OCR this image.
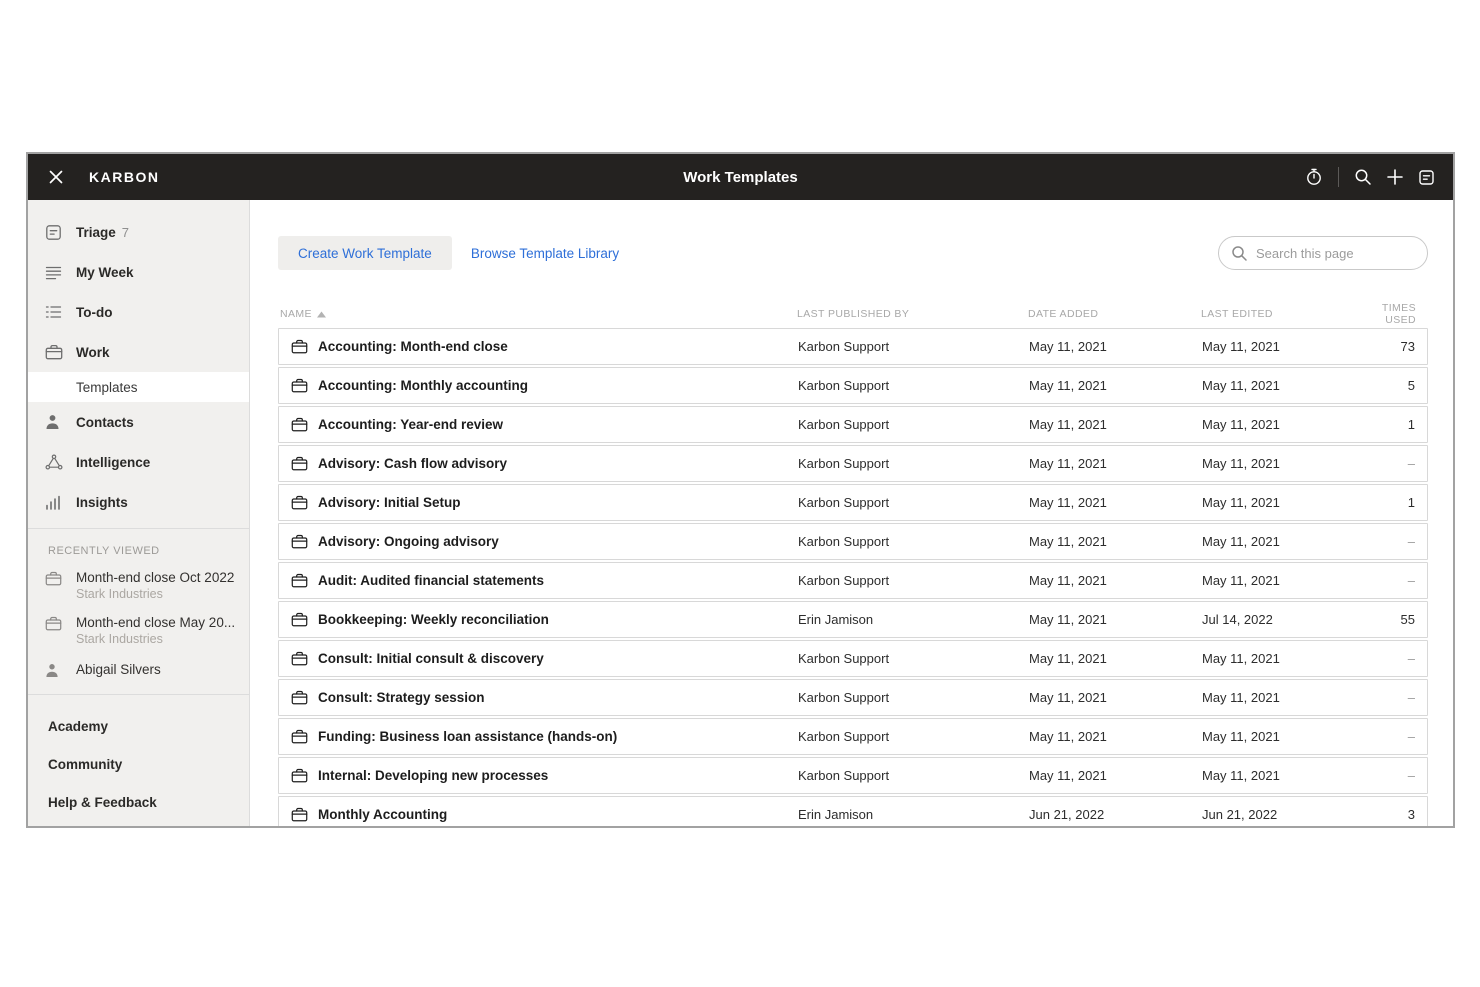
KARBON	Work Templates
Triage 7
My Week
To-do
Work
Templates
Contacts
Intelligence
Insights
RECENTLY VIEWED
Month-end close Oct 2022
Stark Industries
Month-end close May 20...
Stark Industries
Abigail Silvers
Academy
Community
Help & Feedback
Create Work Template	Browse Template Library
Search this page
NAME	LAST PUBLISHED BY	DATE ADDED	LAST EDITED	TIMES USED
Accounting: Month-end close	Karbon Support	May 11, 2021	May 11, 2021	73
Accounting: Monthly accounting	Karbon Support	May 11, 2021	May 11, 2021	5
Accounting: Year-end review	Karbon Support	May 11, 2021	May 11, 2021	1
Advisory: Cash flow advisory	Karbon Support	May 11, 2021	May 11, 2021	–
Advisory: Initial Setup	Karbon Support	May 11, 2021	May 11, 2021	1
Advisory: Ongoing advisory	Karbon Support	May 11, 2021	May 11, 2021	–
Audit: Audited financial statements	Karbon Support	May 11, 2021	May 11, 2021	–
Bookkeeping: Weekly reconciliation	Erin Jamison	May 11, 2021	Jul 14, 2022	55
Consult: Initial consult & discovery	Karbon Support	May 11, 2021	May 11, 2021	–
Consult: Strategy session	Karbon Support	May 11, 2021	May 11, 2021	–
Funding: Business loan assistance (hands-on)	Karbon Support	May 11, 2021	May 11, 2021	–
Internal: Developing new processes	Karbon Support	May 11, 2021	May 11, 2021	–
Monthly Accounting	Erin Jamison	Jun 21, 2022	Jun 21, 2022	3
